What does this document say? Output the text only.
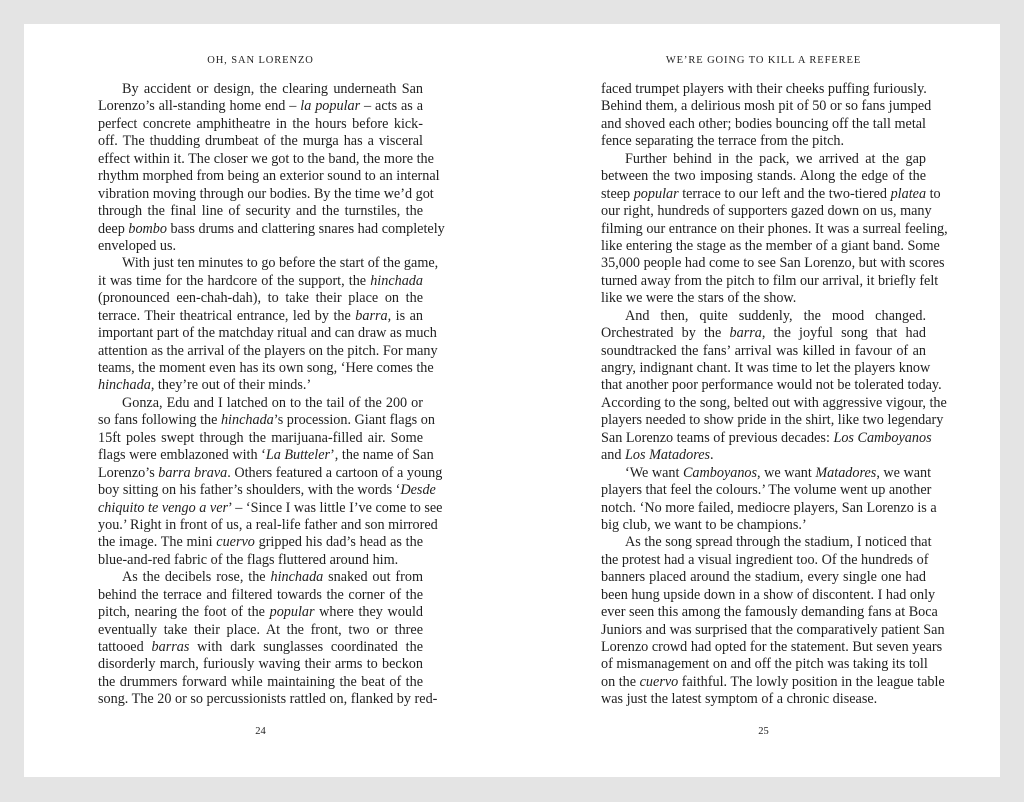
OH, SAN LORENZO
By accident or design, the clearing underneath San
Lorenzo’s all-standing home end – la popular – acts as a
perfect concrete amphitheatre in the hours before kick-
off. The thudding drumbeat of the murga has a visceral
effect within it. The closer we got to the band, the more the
rhythm morphed from being an exterior sound to an internal
vibration moving through our bodies. By the time we’d got
through the final line of security and the turnstiles, the
deep bombo bass drums and clattering snares had completely
enveloped us.
With just ten minutes to go before the start of the game,
it was time for the hardcore of the support, the hinchada
(pronounced een-chah-dah), to take their place on the
terrace. Their theatrical entrance, led by the barra, is an
important part of the matchday ritual and can draw as much
attention as the arrival of the players on the pitch. For many
teams, the moment even has its own song, ‘Here comes the
hinchada, they’re out of their minds.’
Gonza, Edu and I latched on to the tail of the 200 or
so fans following the hinchada’s procession. Giant flags on
15ft poles swept through the marijuana-filled air. Some
flags were emblazoned with ‘La Butteler’, the name of San
Lorenzo’s barra brava. Others featured a cartoon of a young
boy sitting on his father’s shoulders, with the words ‘Desde
chiquito te vengo a ver’ – ‘Since I was little I’ve come to see
you.’ Right in front of us, a real-life father and son mirrored
the image. The mini cuervo gripped his dad’s head as the
blue-and-red fabric of the flags fluttered around him.
As the decibels rose, the hinchada snaked out from
behind the terrace and filtered towards the corner of the
pitch, nearing the foot of the popular where they would
eventually take their place. At the front, two or three
tattooed barras with dark sunglasses coordinated the
disorderly march, furiously waving their arms to beckon
the drummers forward while maintaining the beat of the
song. The 20 or so percussionists rattled on, flanked by red-
24
WE’RE GOING TO KILL A REFEREE
faced trumpet players with their cheeks puffing furiously.
Behind them, a delirious mosh pit of 50 or so fans jumped
and shoved each other; bodies bouncing off the tall metal
fence separating the terrace from the pitch.
Further behind in the pack, we arrived at the gap
between the two imposing stands. Along the edge of the
steep popular terrace to our left and the two-tiered platea to
our right, hundreds of supporters gazed down on us, many
filming our entrance on their phones. It was a surreal feeling,
like entering the stage as the member of a giant band. Some
35,000 people had come to see San Lorenzo, but with scores
turned away from the pitch to film our arrival, it briefly felt
like we were the stars of the show.
And then, quite suddenly, the mood changed.
Orchestrated by the barra, the joyful song that had
soundtracked the fans’ arrival was killed in favour of an
angry, indignant chant. It was time to let the players know
that another poor performance would not be tolerated today.
According to the song, belted out with aggressive vigour, the
players needed to show pride in the shirt, like two legendary
San Lorenzo teams of previous decades: Los Camboyanos
and Los Matadores.
‘We want Camboyanos, we want Matadores, we want
players that feel the colours.’ The volume went up another
notch. ‘No more failed, mediocre players, San Lorenzo is a
big club, we want to be champions.’
As the song spread through the stadium, I noticed that
the protest had a visual ingredient too. Of the hundreds of
banners placed around the stadium, every single one had
been hung upside down in a show of discontent. I had only
ever seen this among the famously demanding fans at Boca
Juniors and was surprised that the comparatively patient San
Lorenzo crowd had opted for the statement. But seven years
of mismanagement on and off the pitch was taking its toll
on the cuervo faithful. The lowly position in the league table
was just the latest symptom of a chronic disease.
25
